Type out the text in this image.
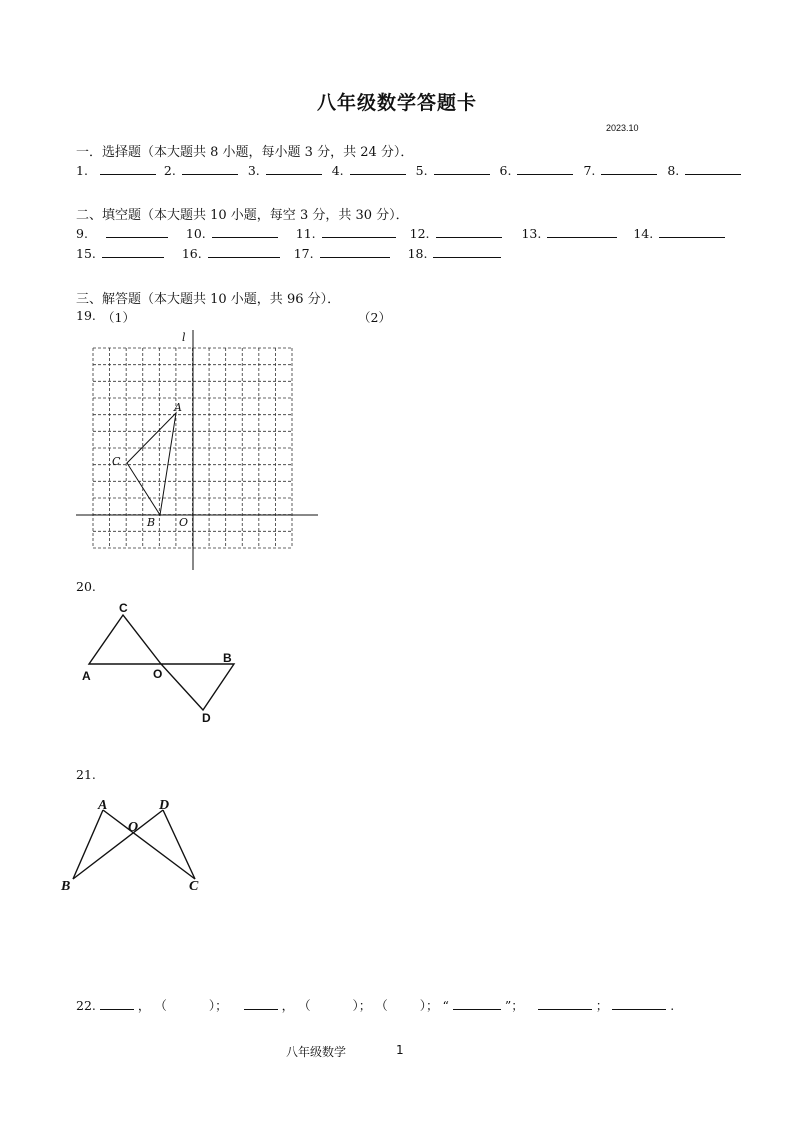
八年级数学答题卡
2023.10
一．选择题（本大题共 8 小题，每小题 3 分，共 24 分）．
1.	2.	3.	4.	5.	6.	7.	8.
二、填空题（本大题共 10 小题，每空 3 分，共 30 分）．
9.	10.	11.	12.	13.	14.
15.	16.	17.	18.
三、解答题（本大题共 10 小题，共 96 分）．
19. （1）	（2）
l
A
C
B O
20.
C
A	O
B
D
21.
A	D
O
B	C
22.	， （	）；	， （	）； （	）； “	”；	；	.
八年级数学	1
